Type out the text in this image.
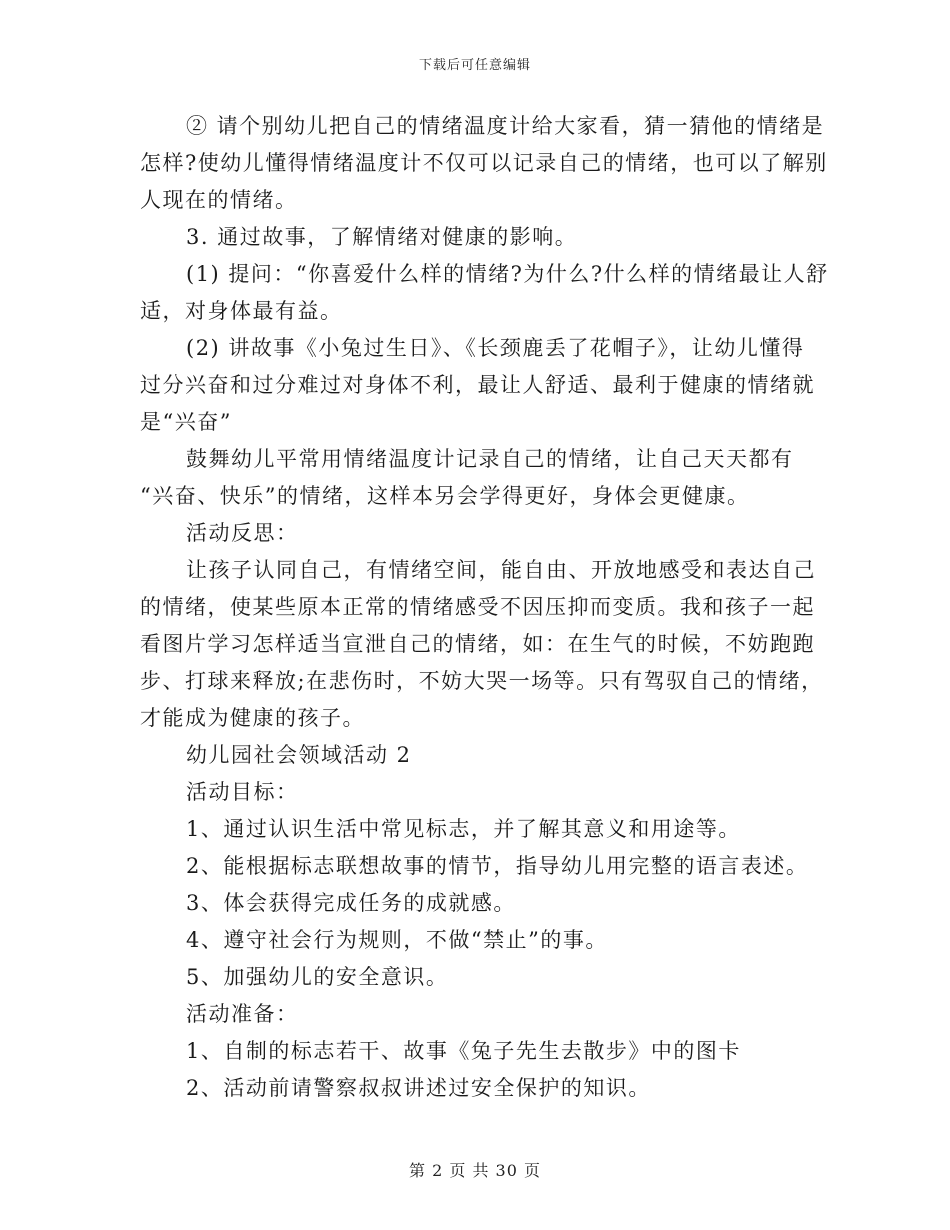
下载后可任意编辑
② 请个别幼儿把自己的情绪温度计给大家看，猜一猜他的情绪是
怎样?使幼儿懂得情绪温度计不仅可以记录自己的情绪，也可以了解别
人现在的情绪。
3. 通过故事，了解情绪对健康的影响。
(1) 提问：“你喜爱什么样的情绪?为什么?什么样的情绪最让人舒
适，对身体最有益。
(2) 讲故事《小兔过生日》、《长颈鹿丢了花帽子》，让幼儿懂得
过分兴奋和过分难过对身体不利，最让人舒适、最利于健康的情绪就
是“兴奋”
鼓舞幼儿平常用情绪温度计记录自己的情绪，让自己天天都有
“兴奋、快乐”的情绪，这样本另会学得更好，身体会更健康。
活动反思：
让孩子认同自己，有情绪空间，能自由、开放地感受和表达自己
的情绪，使某些原本正常的情绪感受不因压抑而变质。我和孩子一起
看图片学习怎样适当宣泄自己的情绪，如：在生气的时候，不妨跑跑
步、打球来释放;在悲伤时，不妨大哭一场等。只有驾驭自己的情绪，
才能成为健康的孩子。
幼儿园社会领域活动 2
活动目标：
1、通过认识生活中常见标志，并了解其意义和用途等。
2、能根据标志联想故事的情节，指导幼儿用完整的语言表述。
3、体会获得完成任务的成就感。
4、遵守社会行为规则，不做“禁止”的事。
5、加强幼儿的安全意识。
活动准备：
1、自制的标志若干、故事《兔子先生去散步》中的图卡
2、活动前请警察叔叔讲述过安全保护的知识。
第 2 页 共 30 页
